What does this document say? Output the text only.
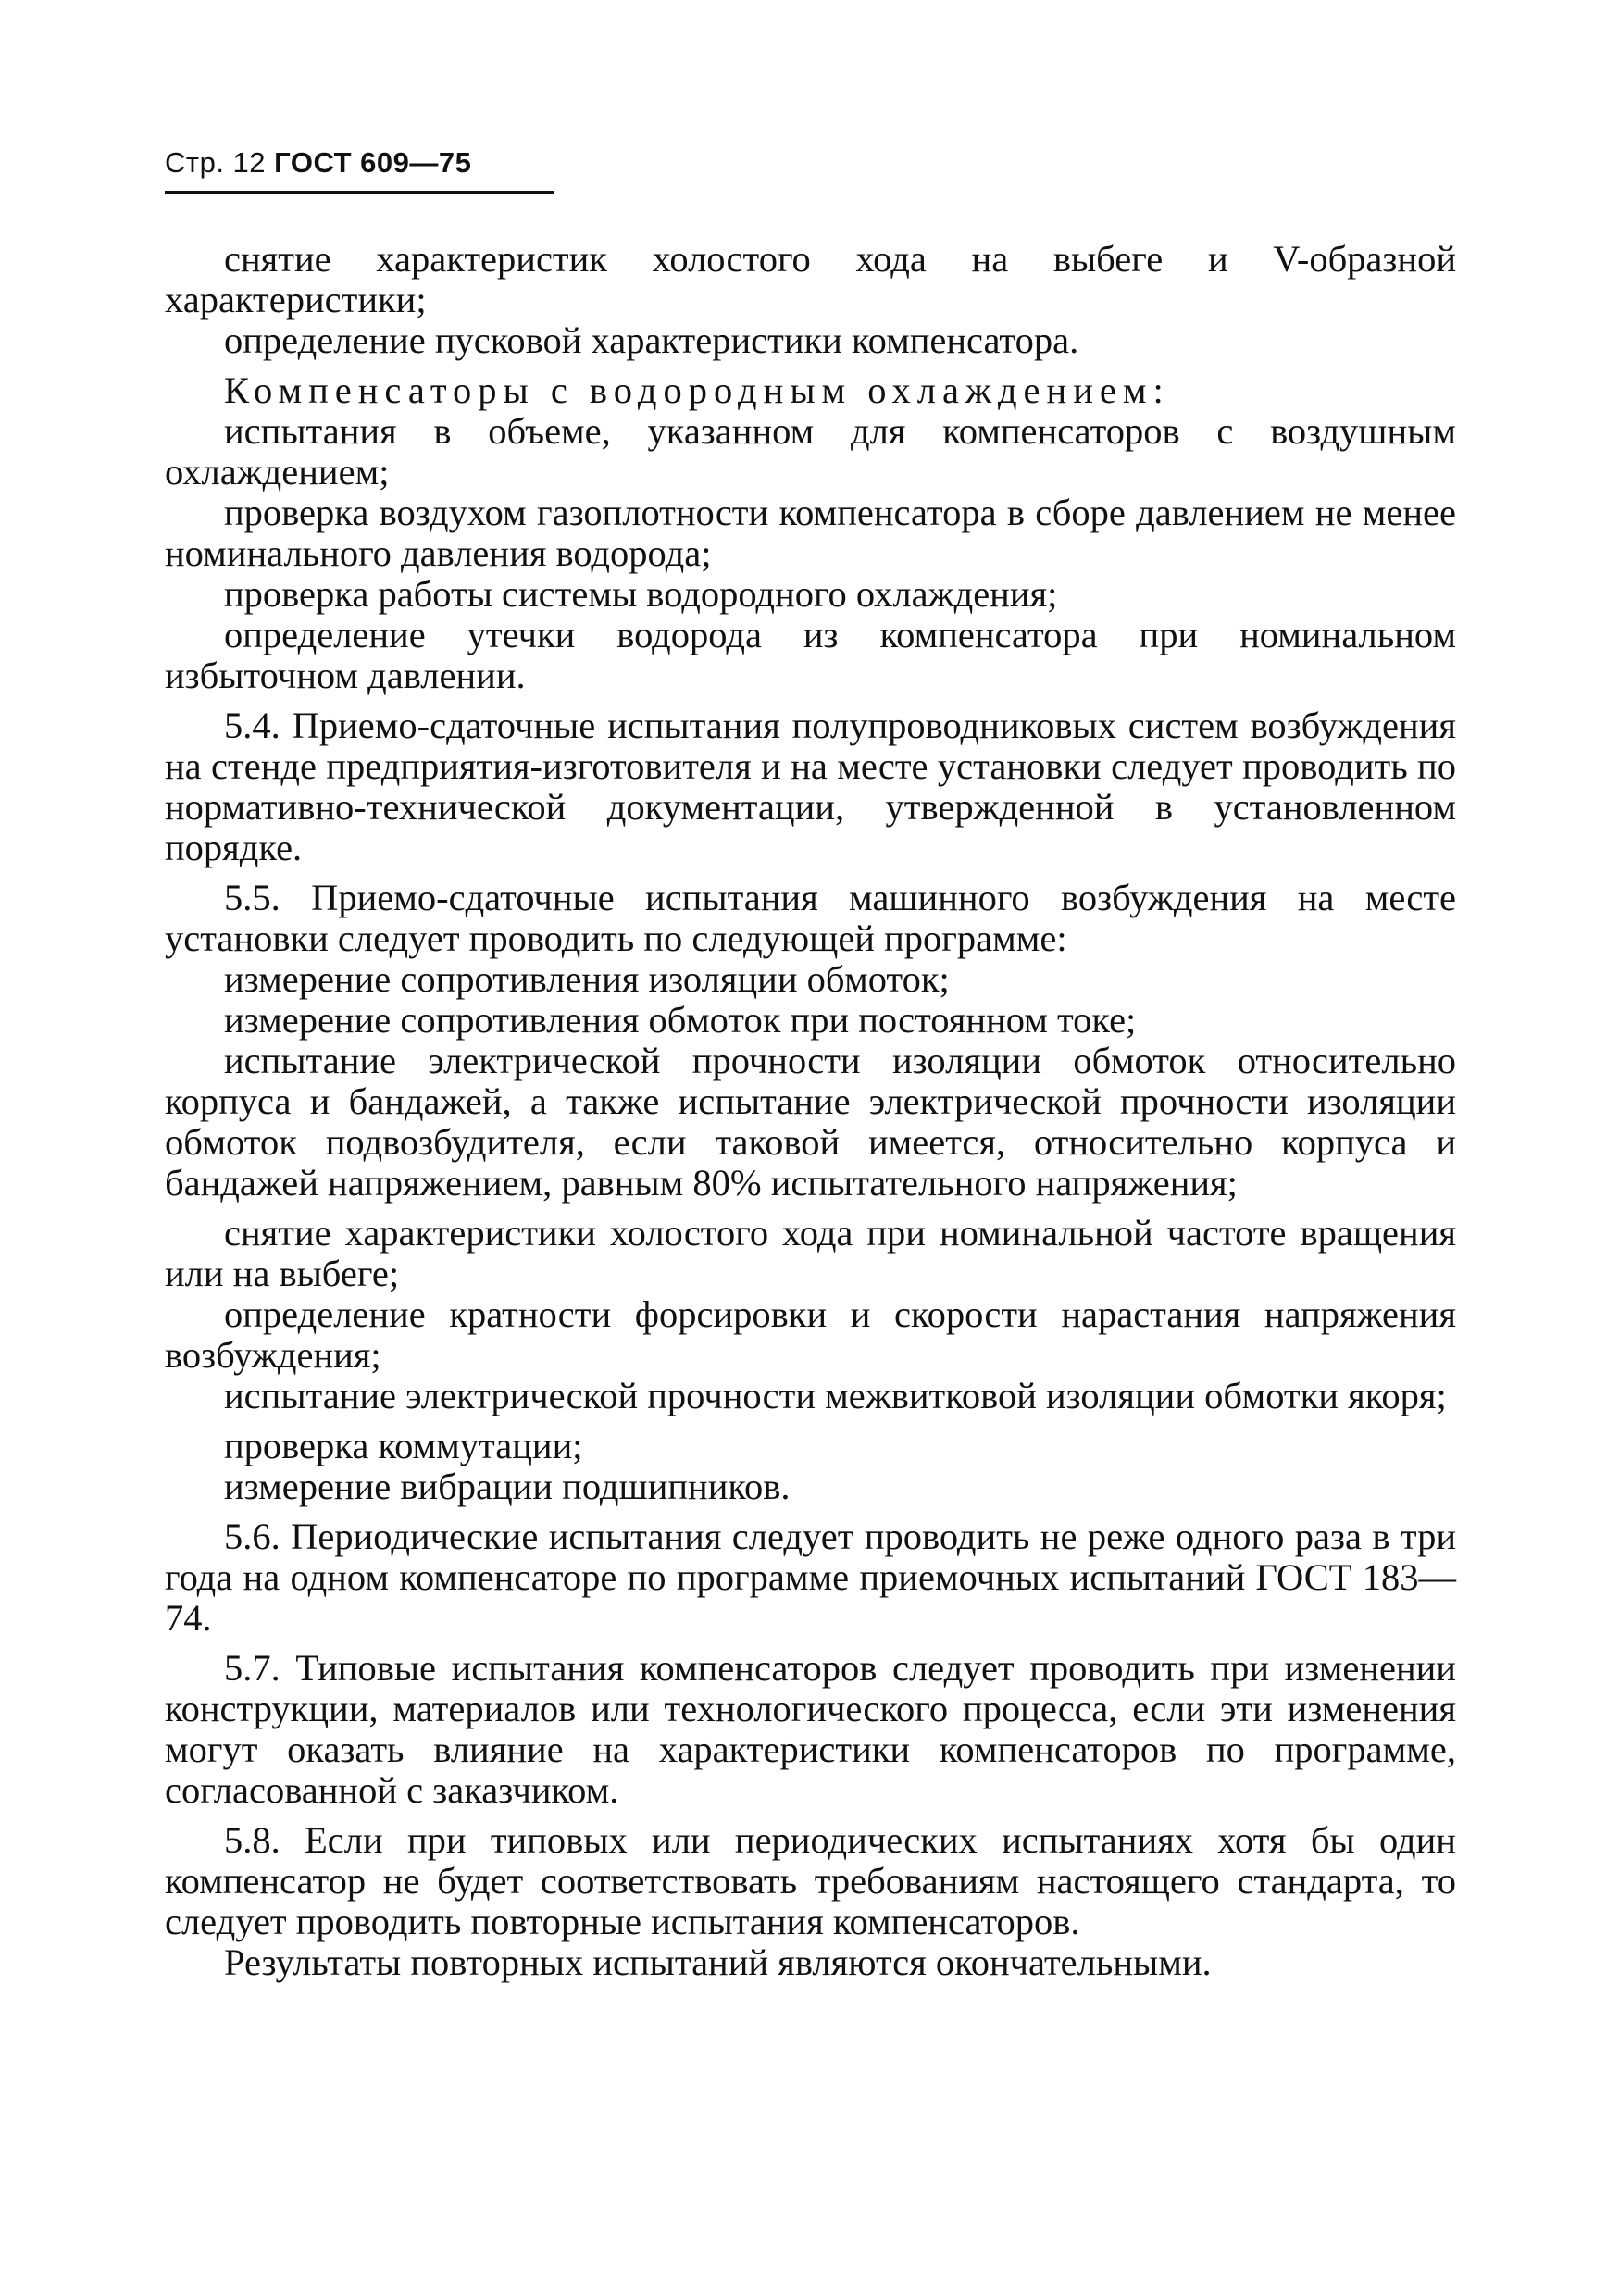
Стр. 12 ГОСТ 609—75

снятие характеристик холостого хода на выбеге и V-образной характеристики;

определение пусковой характеристики компенсатора.

Компенсаторы с водородным охлаждением:

испытания в объеме, указанном для компенсаторов с воздушным охлаждением;

проверка воздухом газоплотности компенсатора в сборе давлением не менее номинального давления водорода;

проверка работы системы водородного охлаждения;

определение утечки водорода из компенсатора при номинальном избыточном давлении.

5.4. Приемо-сдаточные испытания полупроводниковых систем возбуждения на стенде предприятия-изготовителя и на месте установки следует проводить по нормативно-технической документации, утвержденной в установленном порядке.

5.5. Приемо-сдаточные испытания машинного возбуждения на месте установки следует проводить по следующей программе:

измерение сопротивления изоляции обмоток;

измерение сопротивления обмоток при постоянном токе;

испытание электрической прочности изоляции обмоток относительно корпуса и бандажей, а также испытание электрической прочности изоляции обмоток подвозбудителя, если таковой имеется, относительно корпуса и бандажей напряжением, равным 80% испытательного напряжения;

снятие характеристики холостого хода при номинальной частоте вращения или на выбеге;

определение кратности форсировки и скорости нарастания напряжения возбуждения;

испытание электрической прочности межвитковой изоляции обмотки якоря;

проверка коммутации;

измерение вибрации подшипников.

5.6. Периодические испытания следует проводить не реже одного раза в три года на одном компенсаторе по программе приемочных испытаний ГОСТ 183—74.

5.7. Типовые испытания компенсаторов следует проводить при изменении конструкции, материалов или технологического процесса, если эти изменения могут оказать влияние на характеристики компенсаторов по программе, согласованной с заказчиком.

5.8. Если при типовых или периодических испытаниях хотя бы один компенсатор не будет соответствовать требованиям настоящего стандарта, то следует проводить повторные испытания компенсаторов.

Результаты повторных испытаний являются окончательными.
